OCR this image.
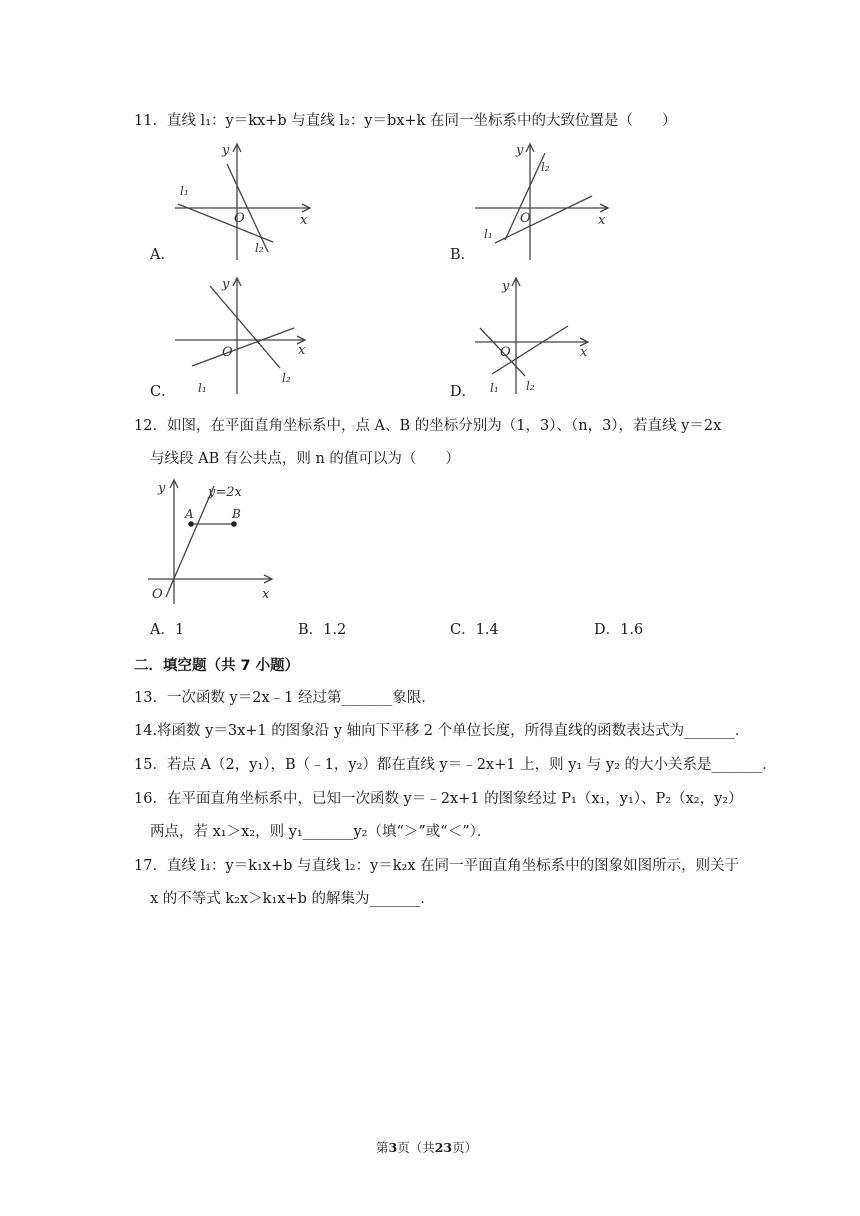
11．直线 l₁：y＝kx+b 与直线 l₂：y＝bx+k 在同一坐标系中的大致位置是（　　）
A．
y
x
O
l₁
l₂	B．
y
x
O
l₁
l₂
C．
y
x
O
l₁
l₂
D．
y
x
O
l₁ l₂
12．如图，在平面直角坐标系中，点 A、B 的坐标分别为（1，3）、（n，3），若直线 y＝2x
与线段 AB 有公共点，则 n 的值可以为（　　）
y
x
O
y=2x
A	B
A．1	B．1.2	C．1.4	D．1.6
二．填空题（共 7 小题）
13．一次函数 y＝2x﹣1 经过第_______象限．
14.将函数 y＝3x+1 的图象沿 y 轴向下平移 2 个单位长度，所得直线的函数表达式为_______．
15．若点 A（2，y₁），B（﹣1，y₂）都在直线 y＝﹣2x+1 上，则 y₁ 与 y₂ 的大小关系是_______．
16．在平面直角坐标系中，已知一次函数 y＝﹣2x+1 的图象经过 P₁（x₁，y₁）、P₂（x₂，y₂）
两点，若 x₁＞x₂，则 y₁_______y₂（填“＞”或“＜”）．
17．直线 l₁：y＝k₁x+b 与直线 l₂：y＝k₂x 在同一平面直角坐标系中的图象如图所示，则关于
x 的不等式 k₂x＞k₁x+b 的解集为_______．
第3页（共23页）
